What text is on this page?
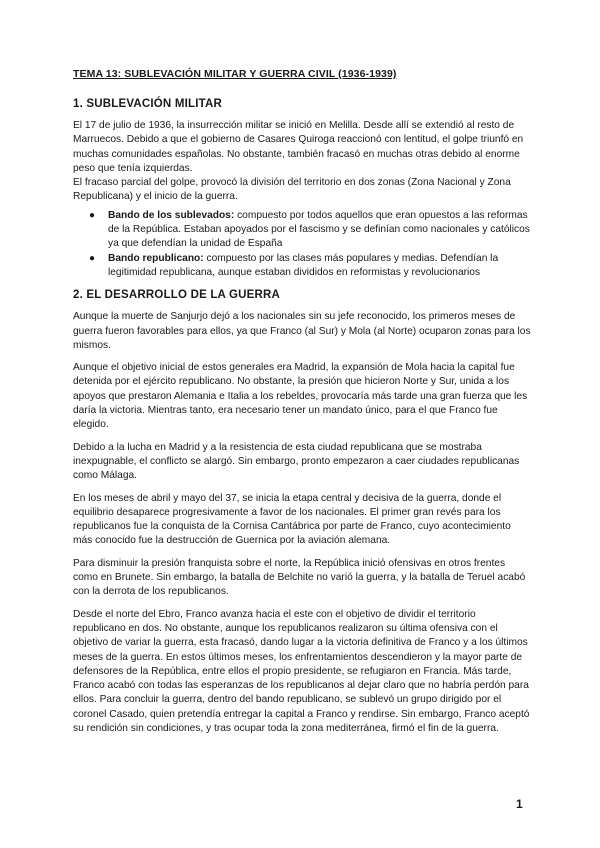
TEMA 13: SUBLEVACIÓN MILITAR Y GUERRA CIVIL (1936-1939)
1. SUBLEVACIÓN MILITAR

El 17 de julio de 1936, la insurrección militar se inició en Melilla. Desde allí se extendió al resto de Marruecos. Debido a que el gobierno de Casares Quiroga reaccionó con lentitud, el golpe triunfó en muchas comunidades españolas. No obstante, también fracasó en muchas otras debido al enorme peso que tenía izquierdas.

El fracaso parcial del golpe, provocó la división del territorio en dos zonas (Zona Nacional y Zona Republicana) y el inicio de la guerra.

● Bando de los sublevados: compuesto por todos aquellos que eran opuestos a las reformas de la República. Estaban apoyados por el fascismo y se definían como nacionales y católicos ya que defendían la unidad de España
● Bando republicano: compuesto por las clases más populares y medias. Defendían la legitimidad republicana, aunque estaban divididos en reformistas y revolucionarios
2. EL DESARROLLO DE LA GUERRA

Aunque la muerte de Sanjurjo dejó a los nacionales sin su jefe reconocido, los primeros meses de guerra fueron favorables para ellos, ya que Franco (al Sur) y Mola (al Norte) ocuparon zonas para los mismos.

Aunque el objetivo inicial de estos generales era Madrid, la expansión de Mola hacia la capital fue detenida por el ejército republicano. No obstante, la presión que hicieron Norte y Sur, unida a los apoyos que prestaron Alemania e Italia a los rebeldes, provocaría más tarde una gran fuerza que les daría la victoria. Mientras tanto, era necesario tener un mandato único, para el que Franco fue elegido.

Debido a la lucha en Madrid y a la resistencia de esta ciudad republicana que se mostraba inexpugnable, el conflicto se alargó. Sin embargo, pronto empezaron a caer ciudades republicanas como Málaga.

En los meses de abril y mayo del 37, se inicia la etapa central y decisiva de la guerra, donde el equilibrio desaparece progresivamente a favor de los nacionales. El primer gran revés para los republicanos fue la conquista de la Cornisa Cantábrica por parte de Franco, cuyo acontecimiento más conocido fue la destrucción de Guernica por la aviación alemana.

Para disminuir la presión franquista sobre el norte, la República inició ofensivas en otros frentes como en Brunete. Sin embargo, la batalla de Belchite no varió la guerra, y la batalla de Teruel acabó con la derrota de los republicanos.

Desde el norte del Ebro, Franco avanza hacia el este con el objetivo de dividir el territorio republicano en dos. No obstante, aunque los republicanos realizaron su última ofensiva con el objetivo de variar la guerra, esta fracasó, dando lugar a la victoria definitiva de Franco y a los últimos meses de la guerra. En estos últimos meses, los enfrentamientos descendieron y la mayor parte de defensores de la República, entre ellos el propio presidente, se refugiaron en Francia. Más tarde, Franco acabó con todas las esperanzas de los republicanos al dejar claro que no habría perdón para ellos. Para concluir la guerra, dentro del bando republicano, se sublevó un grupo dirigido por el coronel Casado, quien pretendía entregar la capital a Franco y rendirse. Sin embargo, Franco aceptó su rendición sin condiciones, y tras ocupar toda la zona mediterránea, firmó el fin de la guerra.

1
